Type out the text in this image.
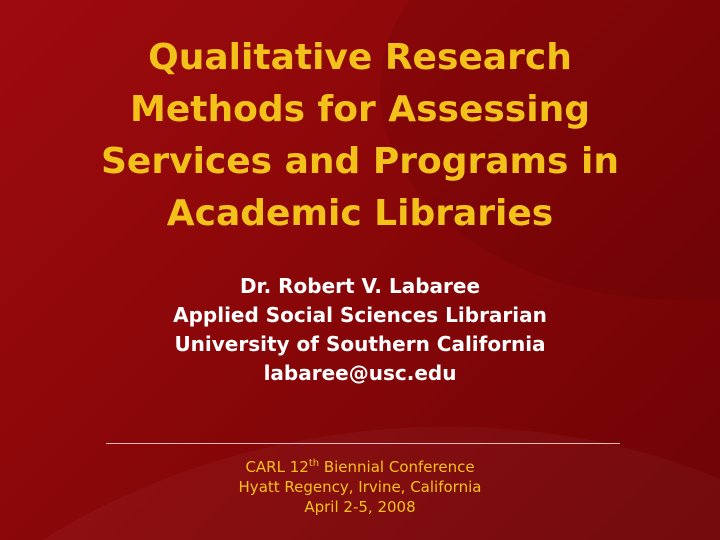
Qualitative Research
Methods for Assessing
Services and Programs in
Academic Libraries
Dr. Robert V. Labaree
Applied Social Sciences Librarian
University of Southern California
labaree@usc.edu
CARL 12th Biennial Conference
Hyatt Regency, Irvine, California
April 2-5, 2008
